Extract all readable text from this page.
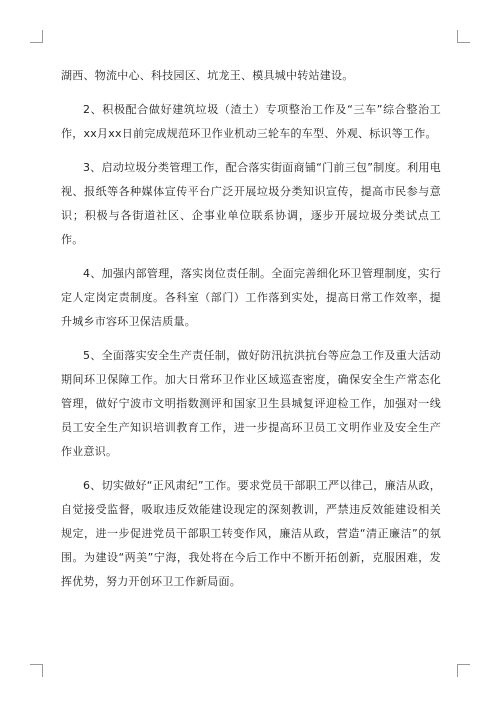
湖西、物流中心、科技园区、坑龙王、模具城中转站建设。

2、积极配合做好建筑垃圾（渣土）专项整治工作及“三车”综合整治工作，xx月xx日前完成规范环卫作业机动三轮车的车型、外观、标识等工作。

3、启动垃圾分类管理工作，配合落实街面商铺“门前三包”制度。利用电视、报纸等各种媒体宣传平台广泛开展垃圾分类知识宣传，提高市民参与意识；积极与各街道社区、企事业单位联系协调，逐步开展垃圾分类试点工作。

4、加强内部管理，落实岗位责任制。全面完善细化环卫管理制度，实行定人定岗定责制度。各科室（部门）工作落到实处，提高日常工作效率，提升城乡市容环卫保洁质量。

5、全面落实安全生产责任制，做好防汛抗洪抗台等应急工作及重大活动期间环卫保障工作。加大日常环卫作业区域巡查密度，确保安全生产常态化管理，做好宁波市文明指数测评和国家卫生县城复评迎检工作，加强对一线员工安全生产知识培训教育工作，进一步提高环卫员工文明作业及安全生产作业意识。

6、切实做好“正风肃纪”工作。要求党员干部职工严以律己，廉洁从政，自觉接受监督，吸取违反效能建设现定的深刻教训，严禁违反效能建设相关规定，进一步促进党员干部职工转变作风，廉洁从政，营造“清正廉洁”的氛围。为建设“两美”宁海，我处将在今后工作中不断开拓创新，克服困难，发挥优势，努力开创环卫工作新局面。
